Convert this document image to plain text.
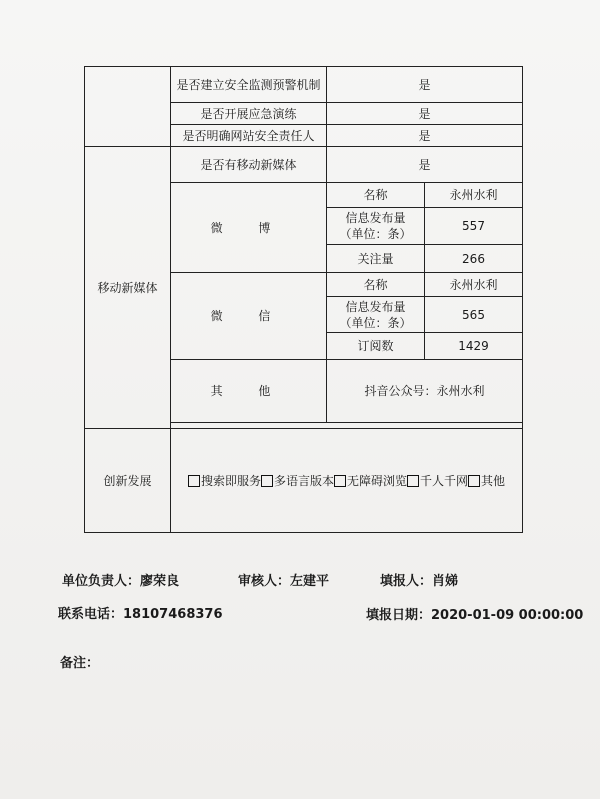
	是否建立安全监测预警机制	是	
	是否开展应急演练	是	
	是否明确网站安全责任人	是	
移动新媒体	是否有移动新媒体	是	
	微 博	名称	永州水利
		信息发布量（单位：条）	557
		关注量	266
	微 信	名称	永州水利
		信息发布量（单位：条）	565
		订阅数	1429
	其 他	抖音公众号：永州水利	

创新发展	搜索即服务 多语言版本 无障碍浏览 千人千网 其他		
单位负责人：廖荣良	审核人：左建平	填报人：肖娣
联系电话：18107468376	填报日期：2020-01-09 00:00:00
备注：
